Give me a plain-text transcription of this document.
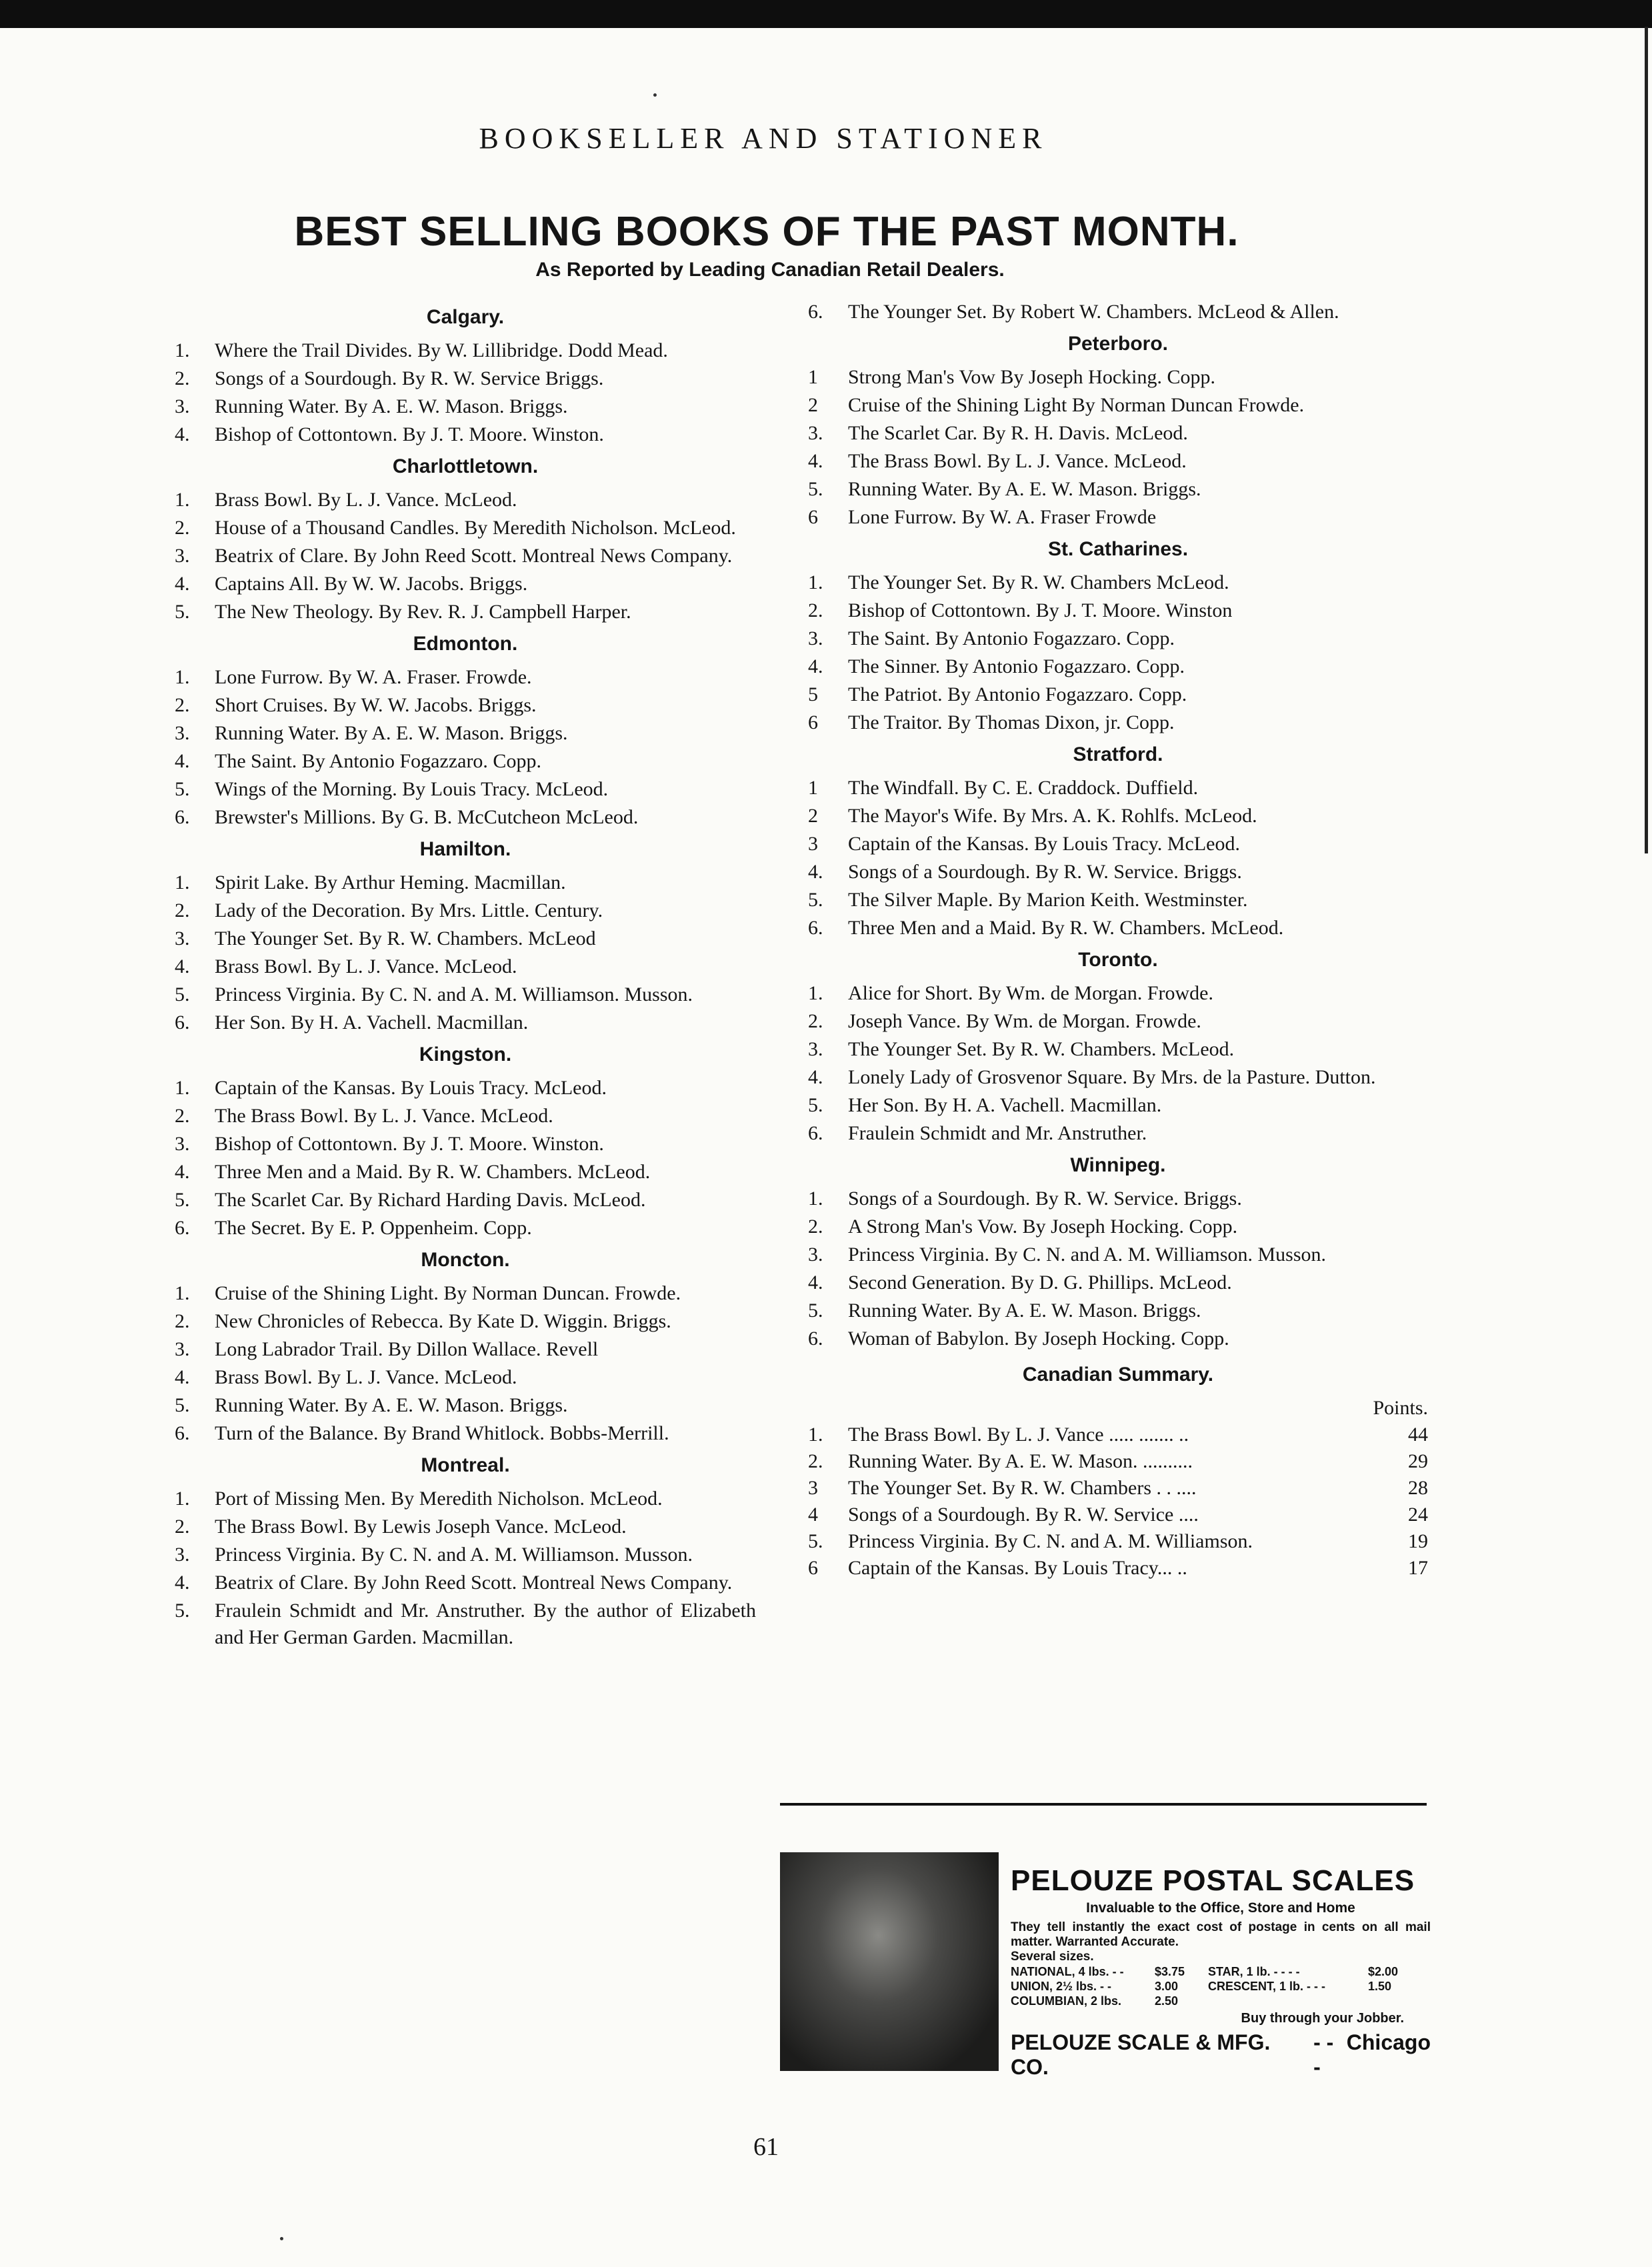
BOOKSELLER AND STATIONER
BEST SELLING BOOKS OF THE PAST MONTH.
As Reported by Leading Canadian Retail Dealers.
Calgary.
1.	Where the Trail Divides. By W. Lillibridge. Dodd Mead.
2.	Songs of a Sourdough. By R. W. Service Briggs.
3.	Running Water. By A. E. W. Mason. Briggs.
4.	Bishop of Cottontown. By J. T. Moore. Winston.
Charlottletown.
1.	Brass Bowl. By L. J. Vance. McLeod.
2.	House of a Thousand Candles. By Meredith Nicholson. McLeod.
3.	Beatrix of Clare. By John Reed Scott. Montreal News Company.
4.	Captains All. By W. W. Jacobs. Briggs.
5.	The New Theology. By Rev. R. J. Campbell Harper.
Edmonton.
1.	Lone Furrow. By W. A. Fraser. Frowde.
2.	Short Cruises. By W. W. Jacobs. Briggs.
3.	Running Water. By A. E. W. Mason. Briggs.
4.	The Saint. By Antonio Fogazzaro. Copp.
5.	Wings of the Morning. By Louis Tracy. McLeod.
6.	Brewster's Millions. By G. B. McCutcheon McLeod.
Hamilton.
1.	Spirit Lake. By Arthur Heming. Macmillan.
2.	Lady of the Decoration. By Mrs. Little. Century.
3.	The Younger Set. By R. W. Chambers. McLeod
4.	Brass Bowl. By L. J. Vance. McLeod.
5.	Princess Virginia. By C. N. and A. M. Williamson. Musson.
6.	Her Son. By H. A. Vachell. Macmillan.
Kingston.
1.	Captain of the Kansas. By Louis Tracy. McLeod.
2.	The Brass Bowl. By L. J. Vance. McLeod.
3.	Bishop of Cottontown. By J. T. Moore. Winston.
4.	Three Men and a Maid. By R. W. Chambers. McLeod.
5.	The Scarlet Car. By Richard Harding Davis. McLeod.
6.	The Secret. By E. P. Oppenheim. Copp.
Moncton.
1.	Cruise of the Shining Light. By Norman Duncan. Frowde.
2.	New Chronicles of Rebecca. By Kate D. Wiggin. Briggs.
3.	Long Labrador Trail. By Dillon Wallace. Revell
4.	Brass Bowl. By L. J. Vance. McLeod.
5.	Running Water. By A. E. W. Mason. Briggs.
6.	Turn of the Balance. By Brand Whitlock. Bobbs-Merrill.
Montreal.
1.	Port of Missing Men. By Meredith Nicholson. McLeod.
2.	The Brass Bowl. By Lewis Joseph Vance. McLeod.
3.	Princess Virginia. By C. N. and A. M. Williamson. Musson.
4.	Beatrix of Clare. By John Reed Scott. Montreal News Company.
5.	Fraulein Schmidt and Mr. Anstruther. By the author of Elizabeth and Her German Garden. Macmillan.
6.	The Younger Set. By Robert W. Chambers. McLeod & Allen.
Peterboro.
1	Strong Man's Vow By Joseph Hocking. Copp.
2	Cruise of the Shining Light By Norman Duncan Frowde.
3.	The Scarlet Car. By R. H. Davis. McLeod.
4.	The Brass Bowl. By L. J. Vance. McLeod.
5.	Running Water. By A. E. W. Mason. Briggs.
6	Lone Furrow. By W. A. Fraser Frowde
St. Catharines.
1.	The Younger Set. By R. W. Chambers McLeod.
2.	Bishop of Cottontown. By J. T. Moore. Winston
3.	The Saint. By Antonio Fogazzaro. Copp.
4.	The Sinner. By Antonio Fogazzaro. Copp.
5	The Patriot. By Antonio Fogazzaro. Copp.
6	The Traitor. By Thomas Dixon, jr. Copp.
Stratford.
1	The Windfall. By C. E. Craddock. Duffield.
2	The Mayor's Wife. By Mrs. A. K. Rohlfs. McLeod.
3	Captain of the Kansas. By Louis Tracy. McLeod.
4.	Songs of a Sourdough. By R. W. Service. Briggs.
5.	The Silver Maple. By Marion Keith. Westminster.
6.	Three Men and a Maid. By R. W. Chambers. McLeod.
Toronto.
1.	Alice for Short. By Wm. de Morgan. Frowde.
2.	Joseph Vance. By Wm. de Morgan. Frowde.
3.	The Younger Set. By R. W. Chambers. McLeod.
4.	Lonely Lady of Grosvenor Square. By Mrs. de la Pasture. Dutton.
5.	Her Son. By H. A. Vachell. Macmillan.
6.	Fraulein Schmidt and Mr. Anstruther.
Winnipeg.
1.	Songs of a Sourdough. By R. W. Service. Briggs.
2.	A Strong Man's Vow. By Joseph Hocking. Copp.
3.	Princess Virginia. By C. N. and A. M. Williamson. Musson.
4.	Second Generation. By D. G. Phillips. McLeod.
5.	Running Water. By A. E. W. Mason. Briggs.
6.	Woman of Babylon. By Joseph Hocking. Copp.
Canadian Summary.
Points.
1.	The Brass Bowl. By L. J. Vance ..... ....... ..	44
2.	Running Water. By A. E. W. Mason. ..........	29
3	The Younger Set. By R. W. Chambers . . ....	28
4	Songs of a Sourdough. By R. W. Service ....	24
5.	Princess Virginia. By C. N. and A. M. Williamson.	19
6	Captain of the Kansas. By Louis Tracy... ..	17
PELOUZE POSTAL SCALES
Invaluable to the Office, Store and Home
They tell instantly the exact cost of postage in cents on all mail matter. Warranted Accurate.
Several sizes.
NATIONAL, 4 lbs. - -	$3.75	STAR, 1 lb. - - - -	$2.00
UNION, 2½ lbs. - -	3.00	CRESCENT, 1 lb. - - -	1.50
COLUMBIAN, 2 lbs.	2.50
Buy through your Jobber.
PELOUZE SCALE & MFG. CO.
- - -
Chicago
61
